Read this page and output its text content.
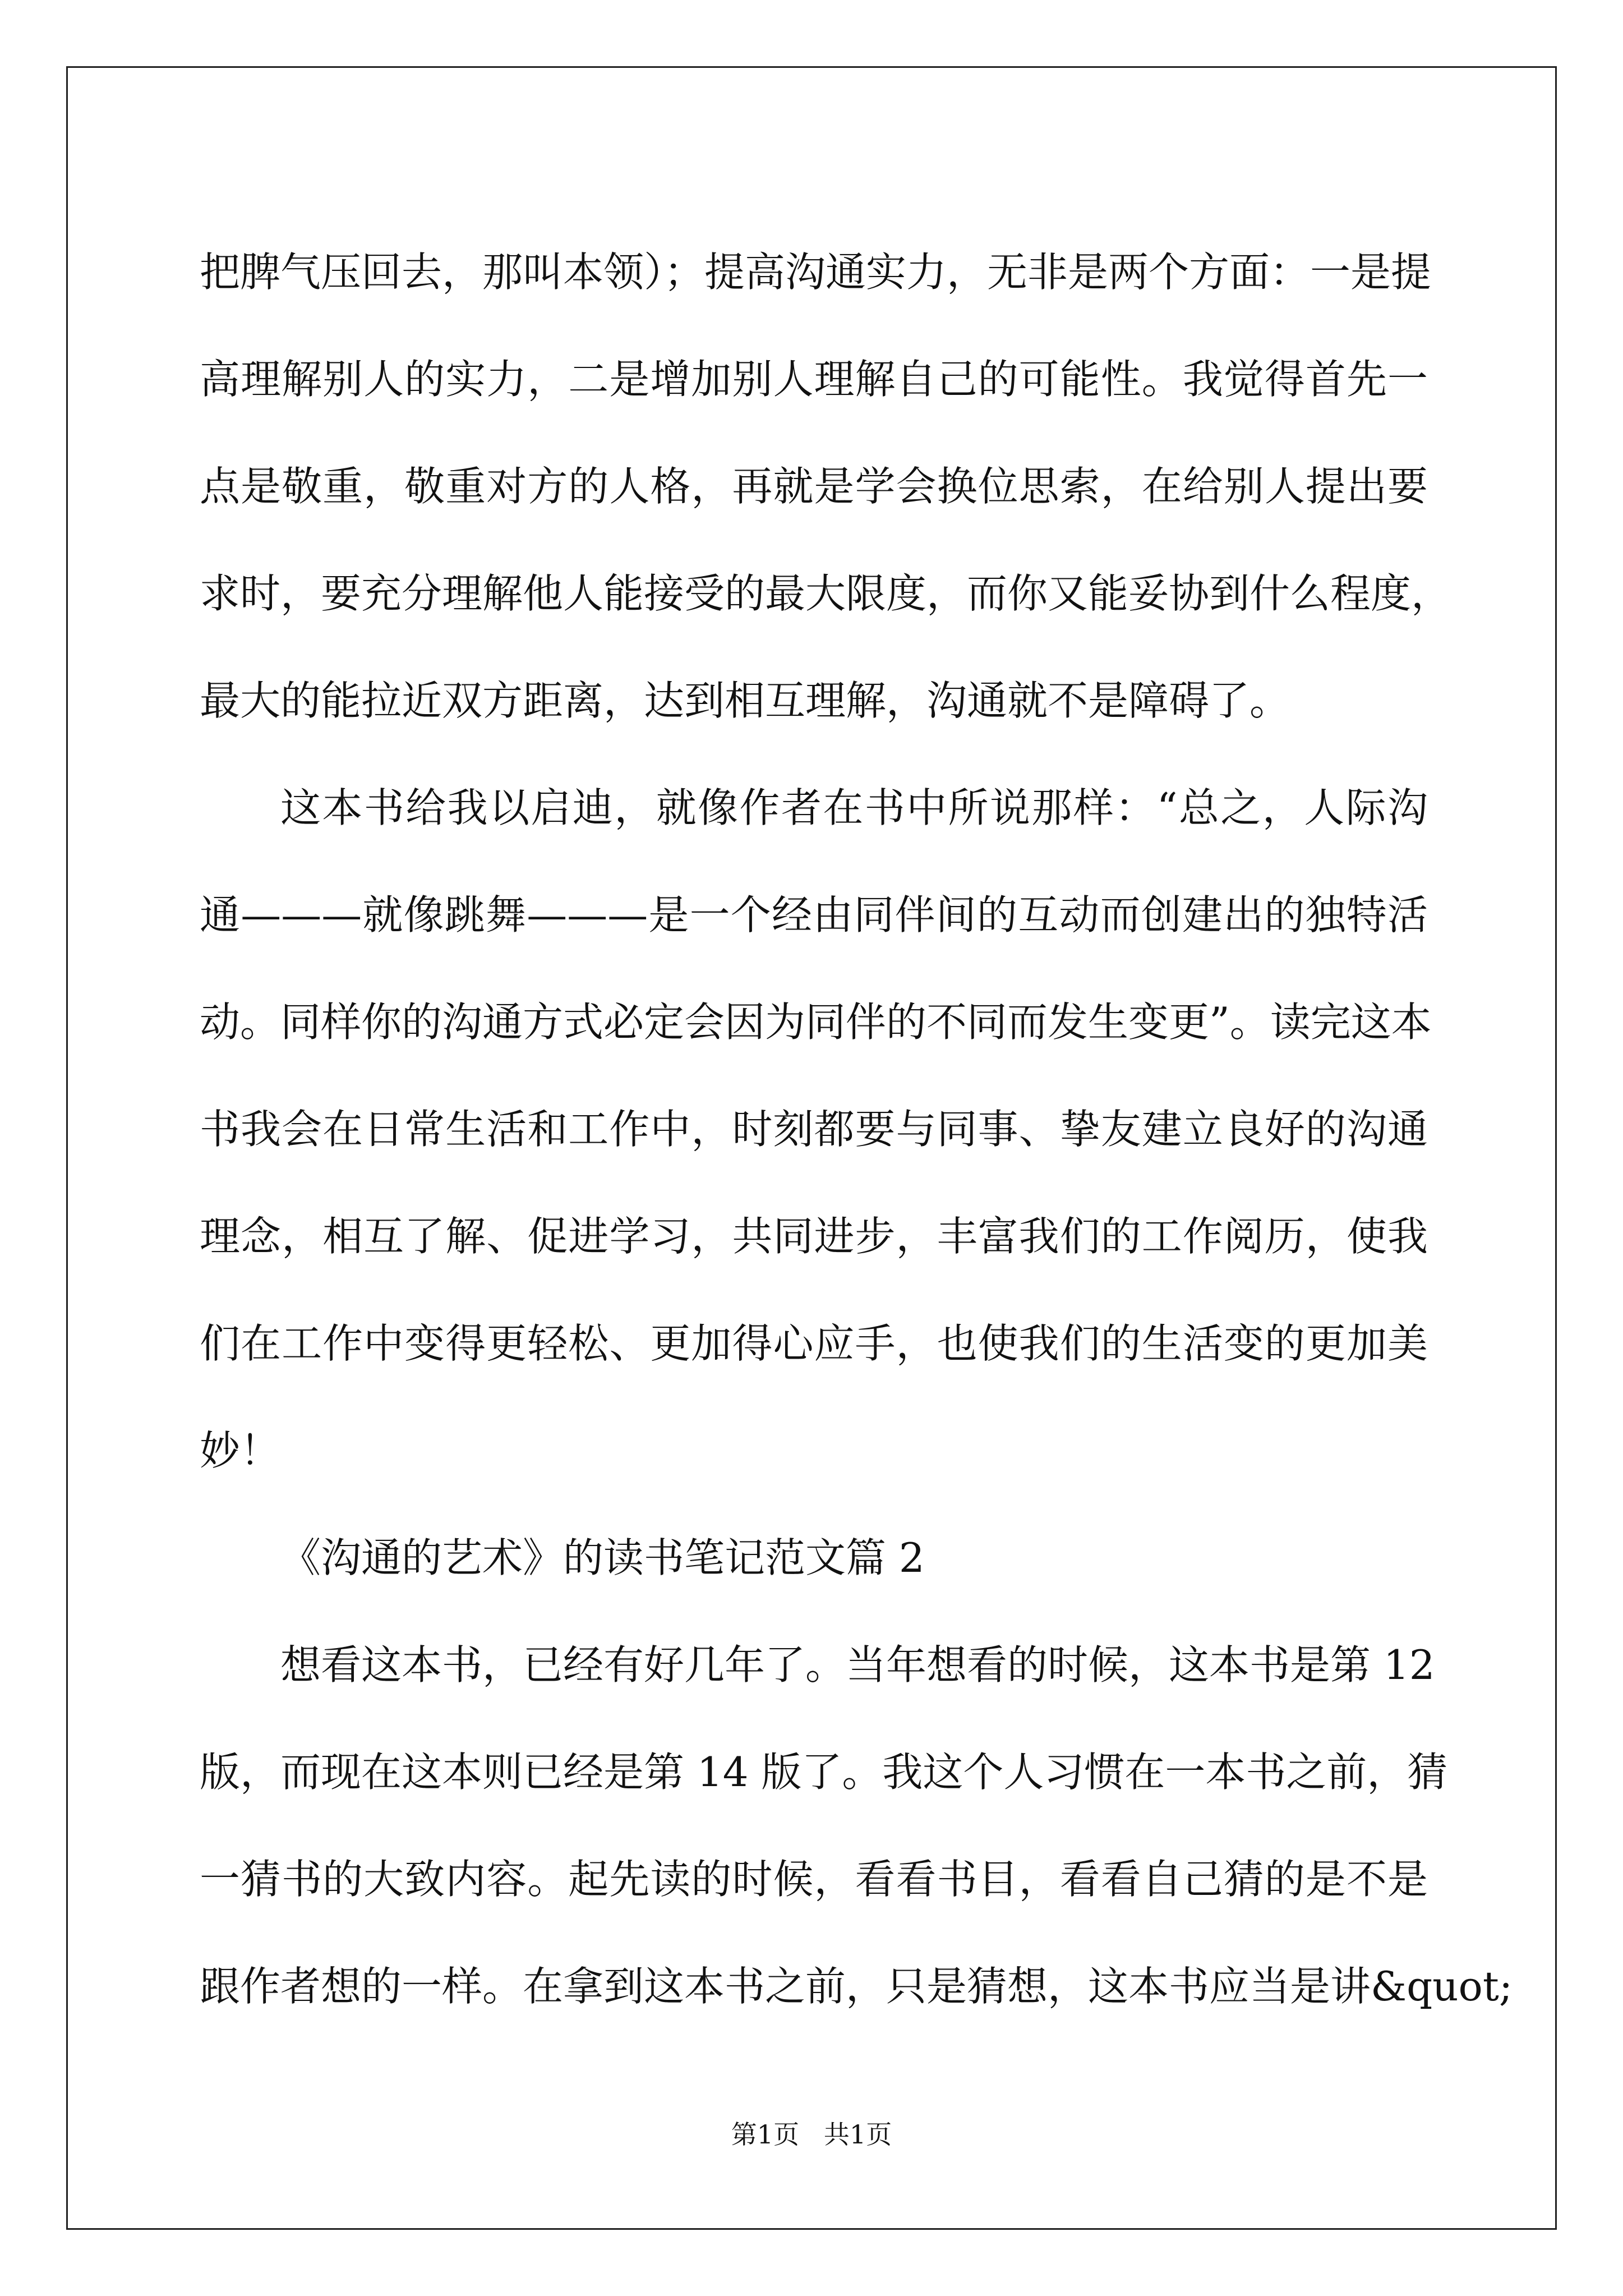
把脾气压回去，那叫本领）；提高沟通实力，无非是两个方面：一是提
高理解别人的实力，二是增加别人理解自己的可能性。我觉得首先一
点是敬重，敬重对方的人格，再就是学会换位思索，在给别人提出要
求时，要充分理解他人能接受的最大限度，而你又能妥协到什么程度，
最大的能拉近双方距离，达到相互理解，沟通就不是障碍了。
这本书给我以启迪，就像作者在书中所说那样：“总之，人际沟
通———就像跳舞———是一个经由同伴间的互动而创建出的独特活
动。同样你的沟通方式必定会因为同伴的不同而发生变更”。读完这本
书我会在日常生活和工作中，时刻都要与同事、挚友建立良好的沟通
理念，相互了解、促进学习，共同进步，丰富我们的工作阅历，使我
们在工作中变得更轻松、更加得心应手，也使我们的生活变的更加美
妙！
《沟通的艺术》的读书笔记范文篇 2
想看这本书，已经有好几年了。当年想看的时候，这本书是第 12
版，而现在这本则已经是第 14 版了。我这个人习惯在一本书之前，猜
一猜书的大致内容。起先读的时候，看看书目，看看自己猜的是不是
跟作者想的一样。在拿到这本书之前，只是猜想，这本书应当是讲&quot;
第1页   共1页
